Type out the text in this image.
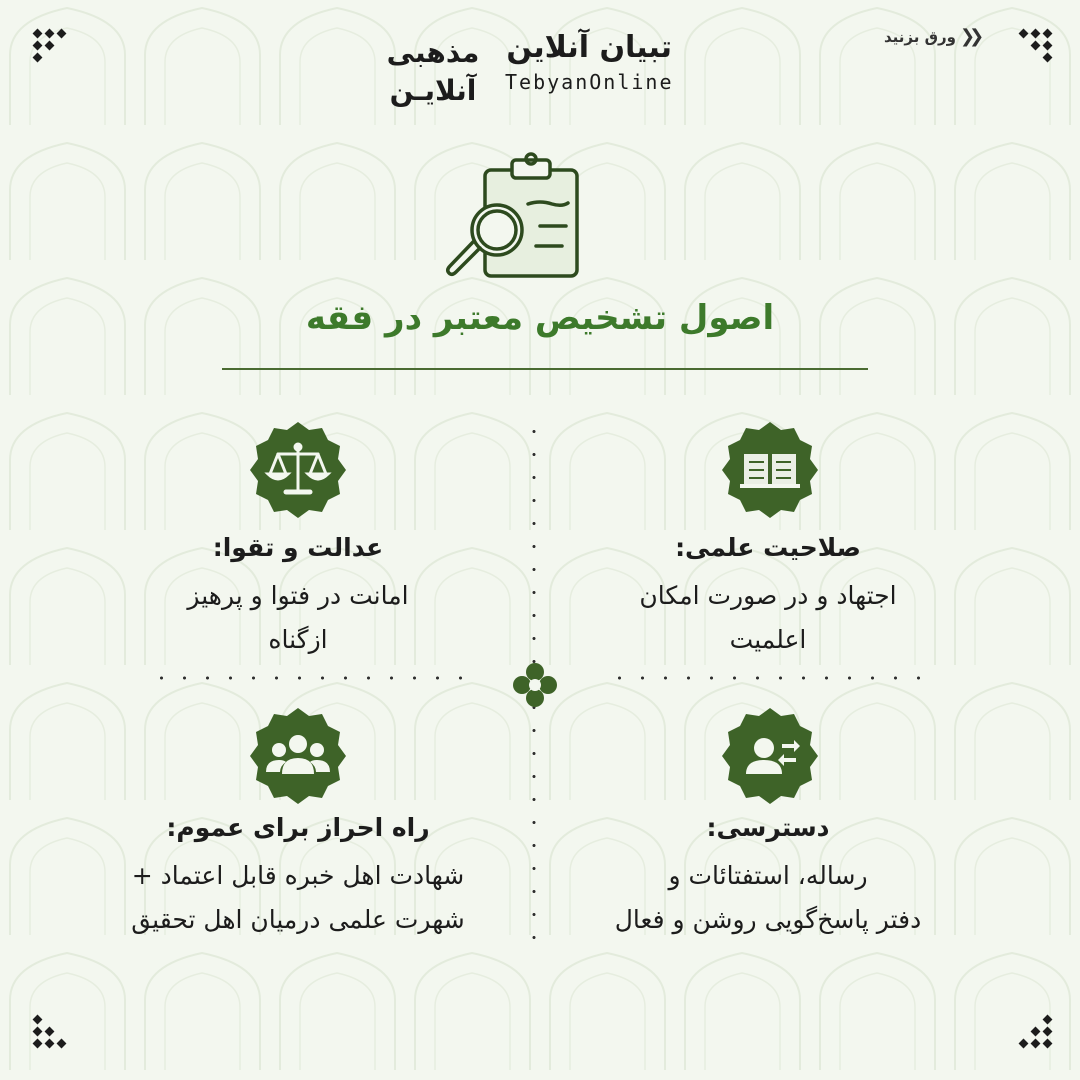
❮❮
ورق بزنید
تبیان آنلاین
TebyanOnline
مذهبی
آنلایـن
اصول تشخیص معتبر در فقه
صلاحیت علمی:
اجتهاد و در صورت امکان
اعلمیت
عدالت و تقوا:
امانت در فتوا و پرهیز
ازگناه
دسترسی:
رساله، استفتائات و
دفتر پاسخ‌گویی روشن و فعال
راه احراز برای عموم:
شهادت اهل خبره قابل اعتماد +
شهرت علمی درمیان اهل تحقیق
